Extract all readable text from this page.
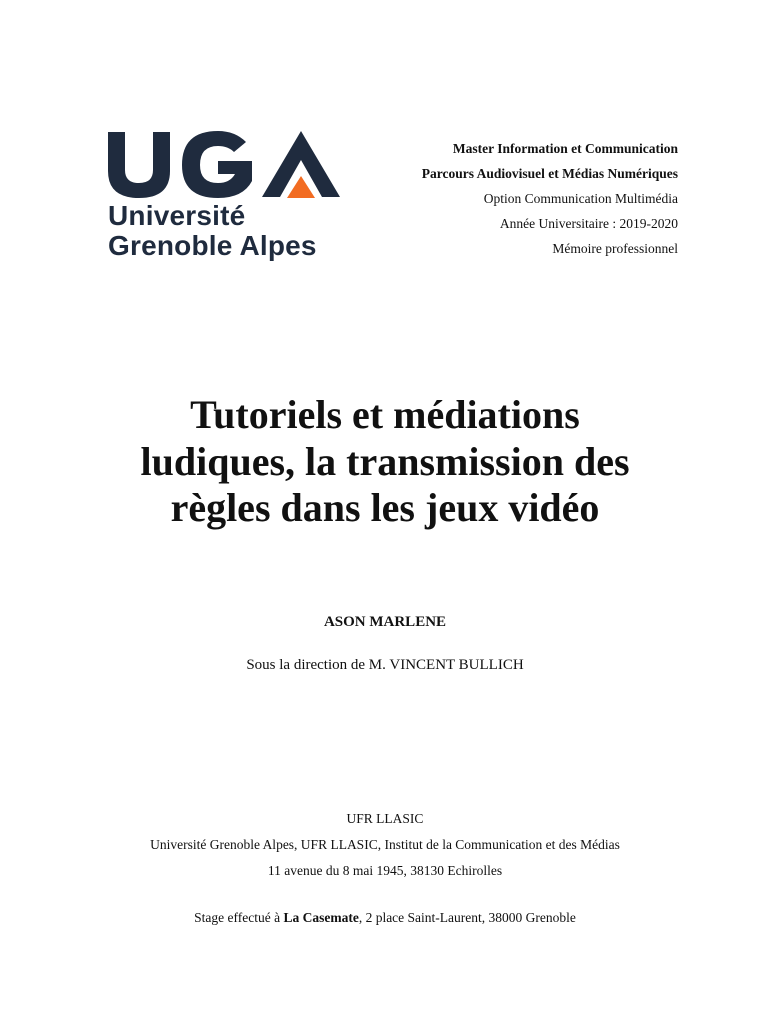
Université
Grenoble Alpes
Master Information et Communication
Parcours Audiovisuel et Médias Numériques
Option Communication Multimédia
Année Universitaire : 2019-2020
Mémoire professionnel
Tutoriels et médiations
ludiques, la transmission des
règles dans les jeux vidéo
ASON MARLENE
Sous la direction de M. VINCENT BULLICH
UFR LLASIC
Université Grenoble Alpes, UFR LLASIC, Institut de la Communication et des Médias
11 avenue du 8 mai 1945, 38130 Echirolles
Stage effectué à La Casemate, 2 place Saint-Laurent, 38000 Grenoble
